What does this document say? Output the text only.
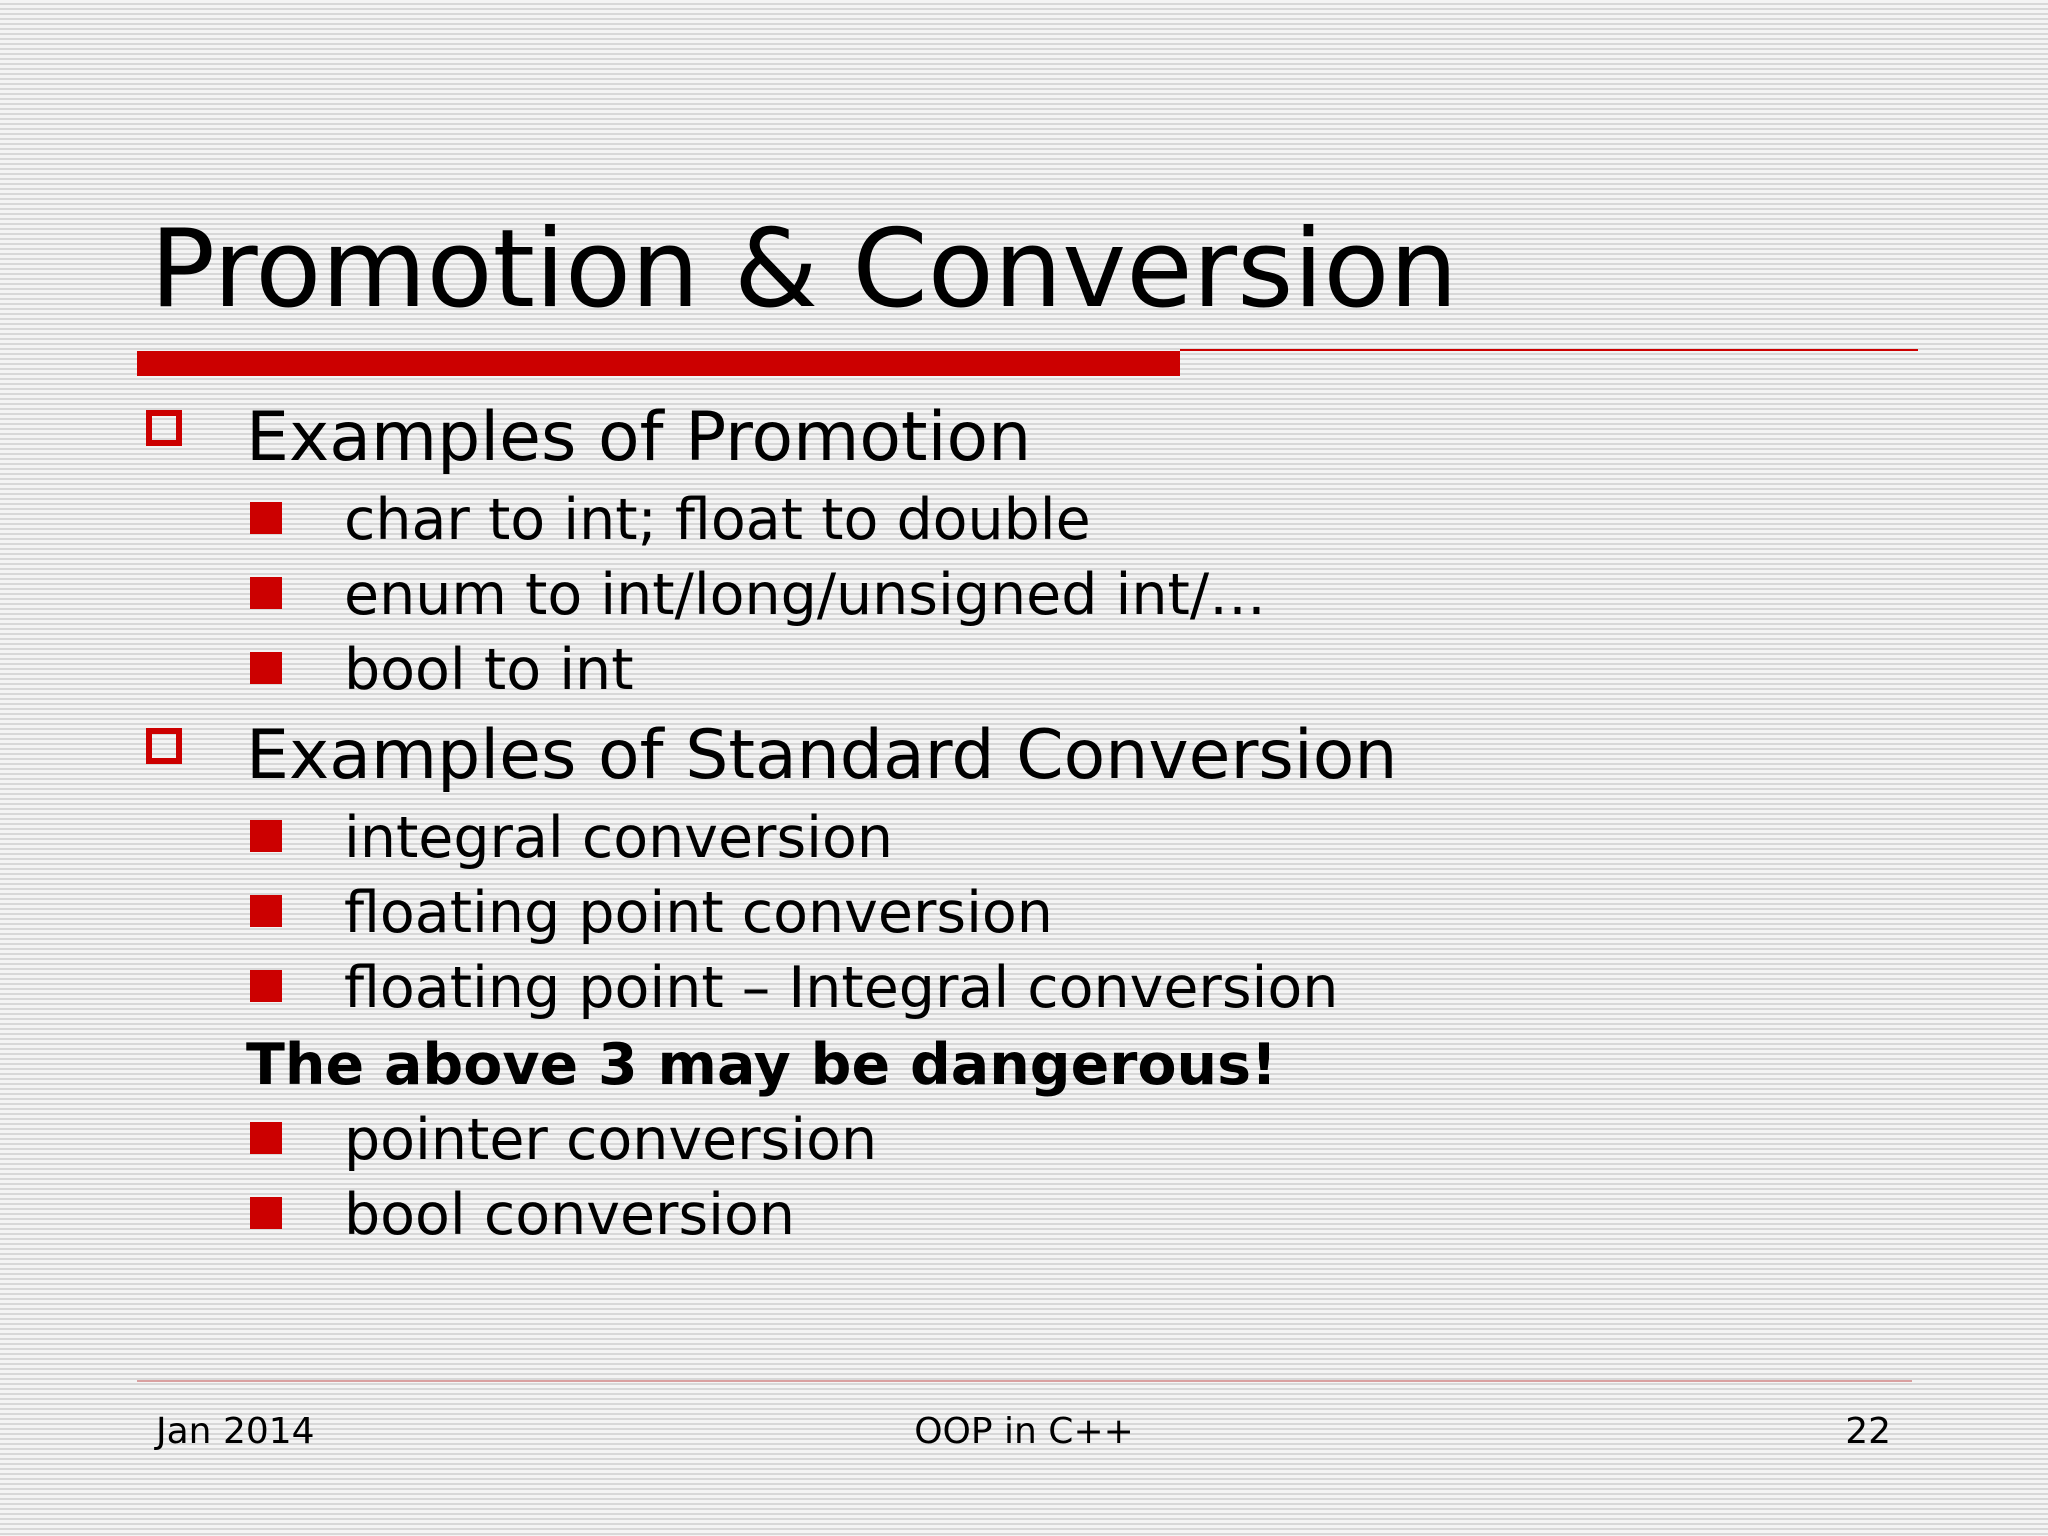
Promotion & Conversion
Examples of Promotion
char to int; float to double
enum to int/long/unsigned int/…
bool to int
Examples of Standard Conversion
integral conversion
floating point conversion
floating point – Integral conversion
The above 3 may be dangerous!
pointer conversion
bool conversion
Jan 2014	OOP in C++	22
